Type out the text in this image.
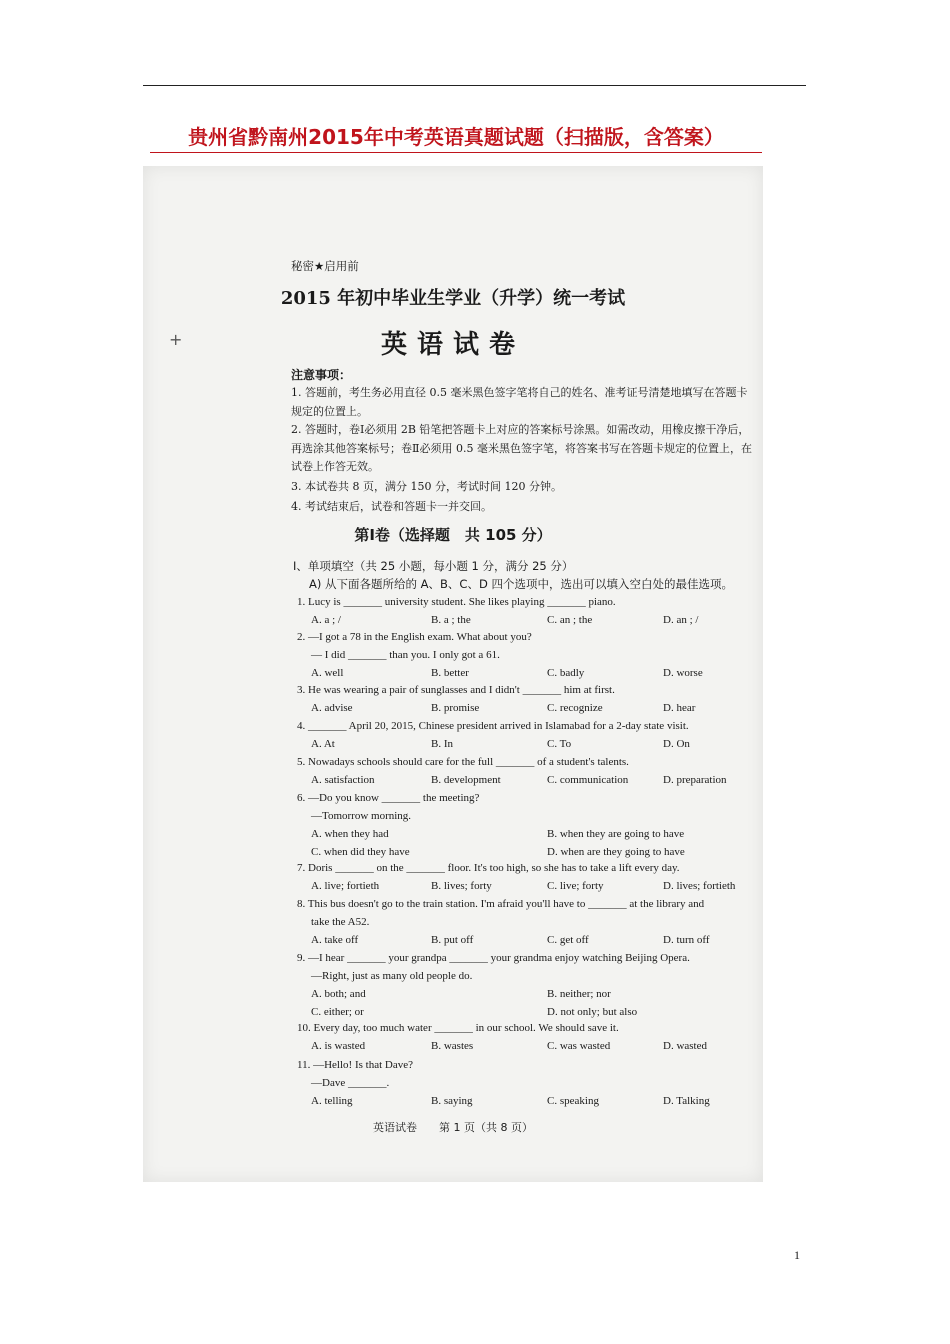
贵州省黔南州2015年中考英语真题试题（扫描版，含答案）
秘密★启用前
2015 年初中毕业生学业（升学）统一考试
英语试卷
+
注意事项：
1. 答题前，考生务必用直径 0.5 毫米黑色签字笔将自己的姓名、准考证号清楚地填写在答题卡规定的位置上。
2. 答题时，卷Ⅰ必须用 2B 铅笔把答题卡上对应的答案标号涂黑。如需改动，用橡皮擦干净后，再选涂其他答案标号；卷Ⅱ必须用 0.5 毫米黑色签字笔，将答案书写在答题卡规定的位置上，在试卷上作答无效。
3. 本试卷共 8 页，满分 150 分，考试时间 120 分钟。
4. 考试结束后，试卷和答题卡一并交回。
第Ⅰ卷（选择题　共 105 分）
Ⅰ、单项填空（共 25 小题，每小题 1 分，满分 25 分）
A) 从下面各题所给的 A、B、C、D 四个选项中，选出可以填入空白处的最佳选项。
1. Lucy is _______ university student. She likes playing _______ piano.
A. a ; /	B. a ; the	C. an ; the	D. an ; /
2. —I got a 78 in the English exam. What about you?
— I did _______ than you. I only got a 61.
A. well	B. better	C. badly	D. worse
3. He was wearing a pair of sunglasses and I didn't _______ him at first.
A. advise	B. promise	C. recognize	D. hear
4. _______ April 20, 2015, Chinese president arrived in Islamabad for a 2-day state visit.
A. At	B. In	C. To	D. On
5. Nowadays schools should care for the full _______ of a student's talents.
A. satisfaction	B. development	C. communication	D. preparation
6. —Do you know _______ the meeting?
—Tomorrow morning.
A. when they had	B. when they are going to have
C. when did they have	D. when are they going to have
7. Doris _______ on the _______ floor. It's too high, so she has to take a lift every day.
A. live; fortieth	B. lives; forty	C. live; forty	D. lives; fortieth
8. This bus doesn't go to the train station. I'm afraid you'll have to _______ at the library and
take the A52.
A. take off	B. put off	C. get off	D. turn off
9. —I hear _______ your grandpa _______ your grandma enjoy watching Beijing Opera.
—Right, just as many old people do.
A. both; and	B. neither; nor
C. either; or	D. not only; but also
10. Every day, too much water _______ in our school. We should save it.
A. is wasted	B. wastes	C. was wasted	D. wasted
11. —Hello! Is that Dave?
—Dave _______.
A. telling	B. saying	C. speaking	D. Talking
英语试卷　　第 1 页（共 8 页）
1
